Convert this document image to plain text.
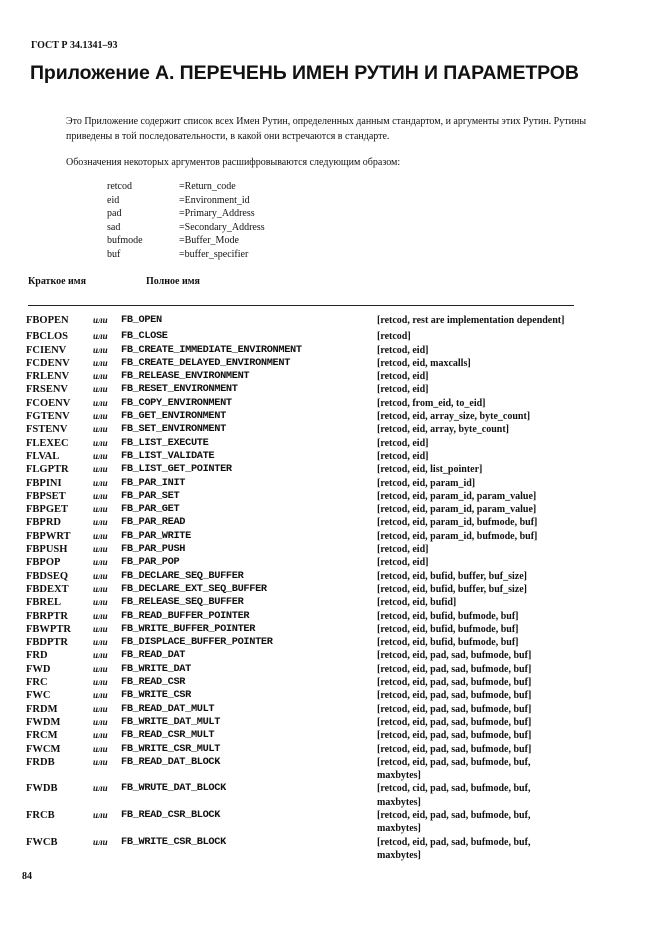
ГОСТ Р 34.1341–93
Приложение А. ПЕРЕЧЕНЬ ИМЕН РУТИН И ПАРАМЕТРОВ
Это Приложение содержит список всех Имен Рутин, определенных данным стандартом, и аргументы этих Рутин. Рутины приведены в той последовательности, в какой они встречаются в стандарте.
Обозначения некоторых аргументов расшифровываются следующим образом:
retcod	=Return_code
eid	=Environment_id
pad	=Primary_Address
sad	=Secondary_Address
bufmode	=Buffer_Mode
buf	=buffer_specifier
Краткое имя	Полное имя
FBOPEN	или	FB_OPEN	[retcod, rest are implementation dependent]
FBCLOS	или	FB_CLOSE	[retcod]
FCIENV	или	FB_CREATE_IMMEDIATE_ENVIRONMENT	[retcod, eid]
FCDENV	или	FB_CREATE_DELAYED_ENVIRONMENT	[retcod, eid, maxcalls]
FRLENV	или	FB_RELEASE_ENVIRONMENT	[retcod, eid]
FRSENV	или	FB_RESET_ENVIRONMENT	[retcod, eid]
FCOENV	или	FB_COPY_ENVIRONMENT	[retcod, from_eid, to_eid]
FGTENV	или	FB_GET_ENVIRONMENT	[retcod, eid, array_size, byte_count]
FSTENV	или	FB_SET_ENVIRONMENT	[retcod, eid, array, byte_count]
FLEXEC	или	FB_LIST_EXECUTE	[retcod, eid]
FLVAL	или	FB_LIST_VALIDATE	[retcod, eid]
FLGPTR	или	FB_LIST_GET_POINTER	[retcod, eid, list_pointer]
FBPINI	или	FB_PAR_INIT	[retcod, eid, param_id]
FBPSET	или	FB_PAR_SET	[retcod, eid, param_id, param_value]
FBPGET	или	FB_PAR_GET	[retcod, eid, param_id, param_value]
FBPRD	или	FB_PAR_READ	[retcod, eid, param_id, bufmode, buf]
FBPWRT	или	FB_PAR_WRITE	[retcod, eid, param_id, bufmode, buf]
FBPUSH	или	FB_PAR_PUSH	[retcod, eid]
FBPOP	или	FB_PAR_POP	[retcod, eid]
FBDSEQ	или	FB_DECLARE_SEQ_BUFFER	[retcod, eid, bufid, buffer, buf_size]
FBDEXT	или	FB_DECLARE_EXT_SEQ_BUFFER	[retcod, eid, bufid, buffer, buf_size]
FBREL	или	FB_RELEASE_SEQ_BUFFER	[retcod, eid, bufid]
FBRPTR	или	FB_READ_BUFFER_POINTER	[retcod, eid, bufid, bufmode, buf]
FBWPTR	или	FB_WRITE_BUFFER_POINTER	[retcod, eid, bufid, bufmode, buf]
FBDPTR	или	FB_DISPLACE_BUFFER_POINTER	[retcod, eid, bufid, bufmode, buf]
FRD	или	FB_READ_DAT	[retcod, eid, pad, sad, bufmode, buf]
FWD	или	FB_WRITE_DAT	[retcod, eid, pad, sad, bufmode, buf]
FRC	или	FB_READ_CSR	[retcod, eid, pad, sad, bufmode, buf]
FWC	или	FB_WRITE_CSR	[retcod, eid, pad, sad, bufmode, buf]
FRDM	или	FB_READ_DAT_MULT	[retcod, eid, pad, sad, bufmode, buf]
FWDM	или	FB_WRITE_DAT_MULT	[retcod, eid, pad, sad, bufmode, buf]
FRCM	или	FB_READ_CSR_MULT	[retcod, eid, pad, sad, bufmode, buf]
FWCM	или	FB_WRITE_CSR_MULT	[retcod, eid, pad, sad, bufmode, buf]
FRDB	или	FB_READ_DAT_BLOCK	[retcod, eid, pad, sad, bufmode, buf, maxbytes]
FWDB	или	FB_WRUTE_DAT_BLOCK	[retcod, cid, pad, sad, bufmode, buf, maxbytes]
FRCB	или	FB_READ_CSR_BLOCK	[retcod, eid, pad, sad, bufmode, buf, maxbytes]
FWCB	или	FB_WRITE_CSR_BLOCK	[retcod, eid, pad, sad, bufmode, buf, maxbytes]
84
